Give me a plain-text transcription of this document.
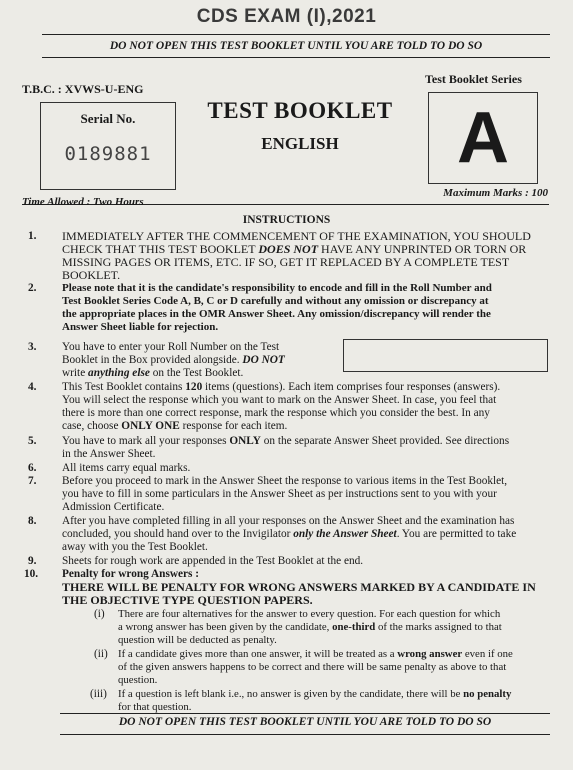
CDS EXAM (I),2021
DO NOT OPEN THIS TEST BOOKLET UNTIL YOU ARE TOLD TO DO SO
T.B.C. : XVWS-U-ENG
Test Booklet Series
Serial No.
0189881
TEST BOOKLET
ENGLISH	A
Maximum Marks : 100
Time Allowed : Two Hours
INSTRUCTIONS
1. IMMEDIATELY AFTER THE COMMENCEMENT OF THE EXAMINATION, YOU SHOULD
CHECK THAT THIS TEST BOOKLET DOES NOT HAVE ANY UNPRINTED OR TORN OR
MISSING PAGES OR ITEMS, ETC. IF SO, GET IT REPLACED BY A COMPLETE TEST
BOOKLET.
2. Please note that it is the candidate's responsibility to encode and fill in the Roll Number and
Test Booklet Series Code A, B, C or D carefully and without any omission or discrepancy at
the appropriate places in the OMR Answer Sheet. Any omission/discrepancy will render the
Answer Sheet liable for rejection.
3. You have to enter your Roll Number on the Test
Booklet in the Box provided alongside. DO NOT
write anything else on the Test Booklet.
4. This Test Booklet contains 120 items (questions). Each item comprises four responses (answers).
You will select the response which you want to mark on the Answer Sheet. In case, you feel that
there is more than one correct response, mark the response which you consider the best. In any
case, choose ONLY ONE response for each item.
5. You have to mark all your responses ONLY on the separate Answer Sheet provided. See directions
in the Answer Sheet.
6. All items carry equal marks.
7. Before you proceed to mark in the Answer Sheet the response to various items in the Test Booklet,
you have to fill in some particulars in the Answer Sheet as per instructions sent to you with your
Admission Certificate.
8. After you have completed filling in all your responses on the Answer Sheet and the examination has
concluded, you should hand over to the Invigilator only the Answer Sheet. You are permitted to take
away with you the Test Booklet.
9. Sheets for rough work are appended in the Test Booklet at the end.
10. Penalty for wrong Answers :
THERE WILL BE PENALTY FOR WRONG ANSWERS MARKED BY A CANDIDATE IN
THE OBJECTIVE TYPE QUESTION PAPERS.
(i) There are four alternatives for the answer to every question. For each question for which
a wrong answer has been given by the candidate, one-third of the marks assigned to that
question will be deducted as penalty.
(ii) If a candidate gives more than one answer, it will be treated as a wrong answer even if one
of the given answers happens to be correct and there will be same penalty as above to that
question.
(iii) If a question is left blank i.e., no answer is given by the candidate, there will be no penalty
for that question.
DO NOT OPEN THIS TEST BOOKLET UNTIL YOU ARE TOLD TO DO SO
